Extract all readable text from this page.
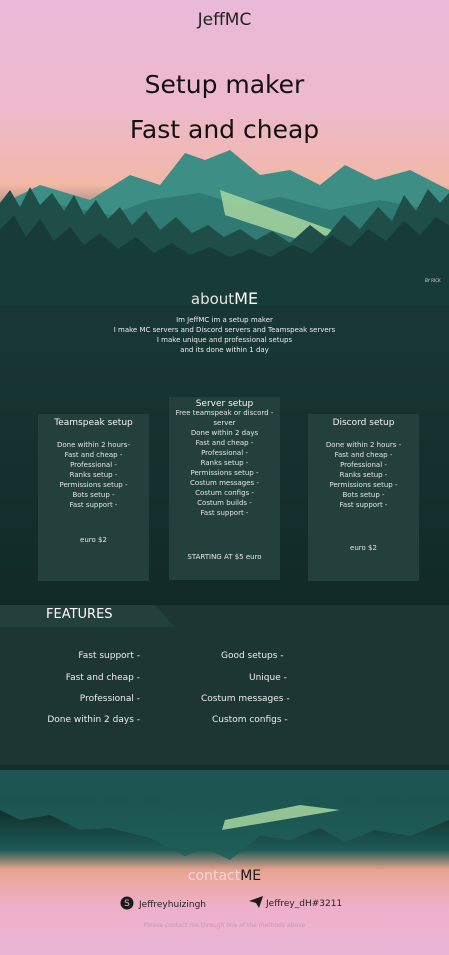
JeffMC
Setup maker
Fast and cheap
BY RICK
aboutME
Im JeffMC im a setup maker
I make MC servers and Discord servers and Teamspeak servers
I make unique and professional setups
and its done within 1 day
Teamspeak setup
Done within 2 hours-
Fast and cheap -
Professional -
Ranks setup -
Permissions setup -
Bots setup -
Fast support -
euro $2
Server setup
Free teamspeak or discord -
server
Done within 2 days
Fast and cheap -
Professional -
Ranks setup -
Permissions setup -
Costum messages -
Costum configs -
Costum builds -
Fast support -
STARTING AT $5 euro
Discord setup
Done within 2 hours -
Fast and cheap -
Professional -
Ranks setup -
Permissions setup -
Bots setup -
Fast support -
euro $2
FEATURES
Fast support -
Fast and cheap -
Professional -
Done within 2 days -
Good setups -
Unique -
Costum messages -
Custom configs -
contactME
S Jeffreyhuizingh	Jeffrey_dH#3211
Please contact me through one of the methods above
